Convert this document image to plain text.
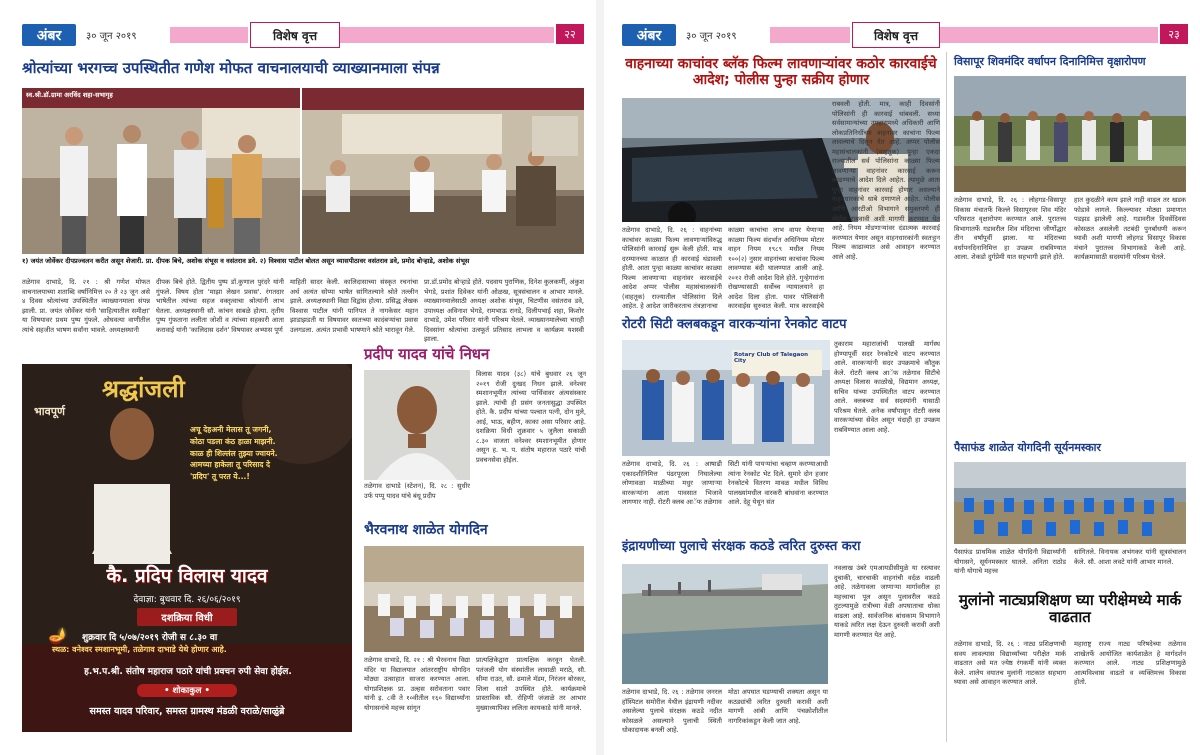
अंबर	३० जून २०१९	विशेष वृत्त	२२
श्रोत्यांच्या भरगच्च उपस्थितीत गणेश मोफत वाचनालयाची व्याख्यानमाला संपन्न
स्व.श्री.डॉ.ग्रामा अरविंद शहा-सभागृह
१) जयंत जोर्वेकर दीपप्रज्वलन करीत असून शेजारी. प्रा. दीपक बिचे, अशोक संभूस व वसंतराव डवे. २) विश्वास पाटील बोलत असून व्यासपीठावर वसंतराव डवे, प्रमोद बोऱ्हाडे, अशोक संभूस
तळेगाव दाभाडे, दि. २१ : श्री गणेश मोफत वाचनालयाच्या शताब्दि वर्षानिमित्त २० ते २३ जून असे ४ दिवस श्रोत्यांच्या उपस्थितीत व्याख्यानमाला संपन्न झाली. प्रा. जयंत जोर्वेकर यांनी 'साहित्यातील समीक्षा' या विषयावर प्रथम पुष्प गुंफले. ओघवत्या वाणीतील त्यांचे सहजीत भाषण सर्वांना भावले. अध्यक्षस्थानी
दीपक बिचे होते. द्वितीय पुष्प डॉ.कुणाल पुरंदरे यांनी गुंफले. विषय होता 'माझा लेखन प्रवास'. रंगतदार भाषेतील त्यांच्या सहज वक्तृत्वाचा श्रोत्यांनी लाभ घेतला. अध्यक्षस्थानी सौ. कांचन साबळे होत्या. तृतीय पुष्प गुंफताना ललीता जोशी व त्यांच्या सहकारी आता करावाई यांनी 'कालिदास दर्शन' विषयावर अभ्यास पूर्ण
माहिती सादर केली. कालिदासाच्या संस्कृत रचनांचा अर्थ अत्यंत सोप्या भाषेत सांगितल्याने श्रोते तल्लीन झाले. अध्यक्षस्थानी विद्या विद्वांस होत्या. प्रसिद्ध लेखक विश्वास पाटील यांनी पानिपत ते नागकेसर महान झाडाझडती या विषयावर स्वतःच्या कादंबऱ्यांचा प्रवास उलगडला. अत्यंत प्रभावी भाषणाने श्रोते भारावून गेले.
प्रा.डॉ.प्रमोद बोऱ्हाडे होते. पदवाय पुराणिक, दिनेश कुलकर्णी, अंकुश भेगडे, प्रशांत दिवेकर यांनी ओळख, सूत्रसंचालन व आभार मानले. व्याख्यानमालेसाठी अध्यक्ष अशोक संभूस, चिटणीस वसंतराव डवे, उपाध्यक्ष अविनाश भेगडे, रामभाऊ रानडे, दिलीपभाई शहा, किशोर दाभाडे, उमेश परिवार यांनी परिश्रम घेतले. व्याख्यानमालेच्या चारही दिवसांना श्रोत्यांचा उत्स्फूर्त प्रतिसाद लाभला व कार्यक्रम यशस्वी झाला.
भावपूर्ण
श्रद्धांजली
अचू देहअनी मेलास तू जगनी,
कोठा पडला कंठ हाळा माझनी.
काळ ही शिल्लंल तुझ्या ज्वायने.
आमच्या हाकेला तू परिसाद दे
'प्रदिप' तू परत ये...!
कै. प्रदिप विलास यादव
देवाज्ञा: बुधवार दि. २६/०६/२०१९
दशक्रिया विधी
🪔 शुक्रवार दि ५/०७/२०१९ रोजी स ८.३० वा
स्थळ: वनेश्वर स्मशानभूमी, तळेगाव दाभाडे येथे होणार आहे.
ह.भ.प.श्री. संतोष महाराज पठारे यांची प्रवचन रुपी सेवा होईल.
• शोकाकुल •
समस्त यादव परिवार, समस्त ग्रामस्थ मंडळी वराळे/साळुंब्रे
प्रदीप यादव यांचे निधन
तळेगाव दाभाडे (स्टेशन), दि. २८ : सुधीर उर्फ पप्पू यादव यांचे बंधू प्रदीप
विलास यादव (३८) यांचे बुधवार २६ जून २०१९ रोजी दुःखद निधन झाले. वनेश्वर स्मशानभूमीत त्यांच्या पार्थिवावर अंत्यसंस्कार झाले. त्यांची ही प्रसंग जनतासुद्धा उपस्थित होते. कै. प्रदीप यांच्या पश्चात पत्नी, दोन मुले, आई, भाऊ, बहीण, काका असा परिवार आहे. दशक्रिया विधी शुक्रवार ५ जुलैला सकाळी ८.३० वाजता वनेश्वर स्मशानभूमीत होणार असून ह. भ. प. संतोष महाराज पठारे यांची प्रवचनसेवा होईल.
भैरवनाथ शाळेत योगदिन
तळेगाव दाभाडे, दि. २१ : श्री भैरवनाथ विद्या मंदिर या विद्यालयात आंतरराष्ट्रीय योगदिन मोठ्या उत्साहात साजरा करण्यात आला. योगप्रशिक्षक प्रा. उल्हस सरोवताना पवार यांनी इ. ८वी ते १०वीतील १६० विद्यार्थ्यांना योगासनांचे महत्त्व सांगून
प्रात्यक्षिकेद्वारा प्रात्यक्षिक करवून घेतली. पतंजली योग संस्थांतील लावाळी मराठे, सौ. सीमा राउत, सौ. ढमाले मॅडम, निरंजन बोरकर, शिला सातो उपस्थित होते. कार्यक्रमाचे प्रास्ताविक सौ. रोहिणी जंजाळे तर आभार मुख्याध्यापिका ललिता कायकाडे यांनी मानले.
अंबर	३० जून २०१९	विशेष वृत्त	२३
वाहनाच्या काचांवर ब्लॅक फिल्म लावणाऱ्यांवर कठोर कारवाईचे आदेश; पोलीस पुन्हा सक्रीय होणार
तळेगाव दाभाडे, दि. २६ : वाहनांच्या काचांवर काळ्या फिल्म लावणाऱ्यांविरुद्ध पोलिसांनी कारवाई सुरू केली होती. मात्र दरम्यानच्या काळात ही कारवाई थंडावली होती. आता पुन्हा काळ्या काचांवर काळ्या फिल्म लावणाऱ्या वाहनांवर कारवाईचे आदेश अप्पर पोलीस महासंचालकांनी (वाहतूक) राज्यातील पोलिसांना दिले आहेत. हे आदेश जारीकरताच तंत्रज्ञानाचा
काळ्या काचांचा लाभ वापर येणाऱ्या काळ्या फिल्म संदर्भात अधिनियम मोटार वाहन नियम १९८९ मधील नियम १००(२) नुसार वाहनांच्या काचांवर फिल्म लावण्यास बंदी घालण्यात आली आहे. २०१२ रोजी आदेश दिले होते. गुन्हेगारांना रोखण्यासाठी सर्वोच्च न्यायालयाने हा आदेश दिला होता. यावर पोलिसांनी कारवाईस सुरुवात केली. मात्र कारवाईचे
राबवली होती. मात्र, काही दिवसांनी पोलिसांनी ही कारवाई थांबवली. सध्या सर्वसामान्यांच्या उपहारामध्ये अधिकारी आणि लोकप्रतिनिधींच्या वाहनांवर काचांना फिल्म लावल्याचे दिसून येत आहे. अप्पर पोलीस महासंचालकांनी (वाहतूक) पुन्हा एकदा राज्यातील सर्व पोलिसांना काळ्या फिल्म लावणाऱ्या वाहनांवर कारवाई करून काढण्याचे आदेश दिले आहेत. त्यामुळे आता पुन्हा वाहनांवर कारवाई होणार असल्याने वाहनधारकांचे धाबे दणाणले आहेत. पोलीस आणि आरटीओ विभागाने संयुक्तपणे ही मोहीम राबवावी अशी मागणी करण्यात येत आहे. नियम मोडणाऱ्यांवर दंडात्मक कारवाई करण्यात येणार असून वाहनधारकांनी स्वतःहून फिल्म काढाव्यात असे आवाहन करण्यात आले आहे.
रोटरी सिटी क्लबकडून वारकऱ्यांना रेनकोट वाटप
Rotary Club of Talegaon City
तळेगाव दाभाडे, दि. २६ : आषाढी एकादशीनिमित्त पंढरपूरला निघालेल्या लोणावळा माळीच्या मधुर जाणाऱ्या वारकऱ्यांना आता पावसात भिजावे लागणार नाही. रोटरी क्लब आॅफ तळेगाव
सिटी यांनी पायऱ्यांचा चव्हाण करण्याआधी त्यांना रेनकोट भेट दिले. सुमारे दोन हजार रेनकोटचे वितरण मावळ मधील विविध पालख्यांमधील वारकरी बांधवांना करण्यात आले. देहू येथून संत
तुकाराम महाराजांची पालखी मार्गस्थ होण्यापूर्वी सदर रेनकोटचे वाटप करण्यात आले. वारकऱ्यांनी सदर उपक्रमाचे कौतुक केले. रोटरी क्लब आॅफ तळेगाव सिटीचे अध्यक्ष विलास काळोखे, विद्यमान अध्यक्ष, सचिव यांच्या उपस्थितीत वाटप करण्यात आले. क्लबच्या सर्व सदस्यांनी यासाठी परिश्रम घेतले. अनेक वर्षांपासून रोटरी क्लब वारकऱ्यांच्या सेवेत असून यंदाही हा उपक्रम राबविण्यात आला आहे.
इंद्रायणीच्या पुलाचे संरक्षक कठडे त्वरित दुरुस्त करा
तळेगाव दाभाडे, दि. २६ : तळेगाव जनरल हॉस्पिटल समोरील येथील इंद्रायणी नदीवर असलेल्या पुलाचे संरक्षक कठडे नदीत कोसळले असल्याने पुलाची स्थिती धोकादायक बनली आहे.
मोठा अपघात घडण्याची शक्यता असून या कठड्यांची त्वरित दुरुस्ती करावी अशी मागणी आंबी आणि पंचक्रोशीतील नागरिकांकडून केली जात आहे.
नवलाख उंबरे एमआयडीसीमुळे या रस्त्यावर दुचाकी, चारचाकी वाहनांची वर्दळ वाढली आहे. तळेगावला जाणाऱ्या मार्गावरील हा महत्त्वाचा पूल असून पुलावरील कठडे तुटल्यामुळे रात्रीच्या वेळी अपघाताचा धोका वाढला आहे. सार्वजनिक बांधकाम विभागाने याकडे त्वरित लक्ष देऊन दुरुस्ती करावी अशी मागणी करण्यात येत आहे.
विसापूर शिवमंदिर वर्धापन दिनानिमित्त वृक्षारोपण
तळेगाव दाभाडे, दि. २६ : लोहगड-विसापूर विकास मंचातर्फे किल्ले विसापूरवर शिव मंदिर परिसरात वृक्षारोपण करण्यात आले. पुरातत्त्व विभागातर्फे गडावरील शिव मंदिराचा जीर्णोद्धार तीन वर्षांपूर्वी झाला. या मंदिराच्या वर्धापनदिनानिमित्त हा उपक्रम राबविण्यात आला. शेकडो दुर्गप्रेमी यात सहभागी झाले होते.
हात कुदळीने काम झाले नाही वाढल तर खडक फोडावे लागले. किल्ल्यावर मोठ्या प्रमाणात पडझड झालेली आहे. गडावरील दिवसेंदिवस कोसळत असलेली तटबंदी पुनर्बांधणी करून घ्यावी अशी मागणी लोहगड विसापूर विकास मंचाने पुरातत्त्व विभागाकडे केली आहे. कार्यक्रमासाठी सदस्यांनी परिश्रम घेतले.
पैसाफंड शाळेत योगदिनी सूर्यनमस्कार
पैसाफंड प्राथमिक शाळेत योगदिनी विद्यार्थ्यांनी योगासने, सूर्यनमस्कार घातले. अनिता राठोड यांनी योगाचे महत्त्व
सांगितले. विनायक अभंगकर यांनी सूत्रसंचालन केले. सौ. आशा लवटे यांनी आभार मानले.
मुलांनो नाट्यप्रशिक्षण घ्या परीक्षेमध्ये मार्क वाढतात
तळेगाव दाभाडे, दि. २६ : नाट्य प्रशिक्षणाची सवय लावल्यास विद्यार्थ्यांच्या परीक्षेत मार्क वाढतात असे मत ज्येष्ठ रंगकर्मी यांनी व्यक्त केले. शालेय वयातच मुलांनी नाटकात सहभाग घ्यावा असे आवाहन करण्यात आले.
महाराष्ट्र राज्य नाट्य परिषदेच्या तळेगाव शाखेतर्फे आयोजित कार्यशाळेत हे मार्गदर्शन करण्यात आले. नाट्य प्रशिक्षणामुळे आत्मविश्वास वाढतो व व्यक्तिमत्त्व विकास होतो.
